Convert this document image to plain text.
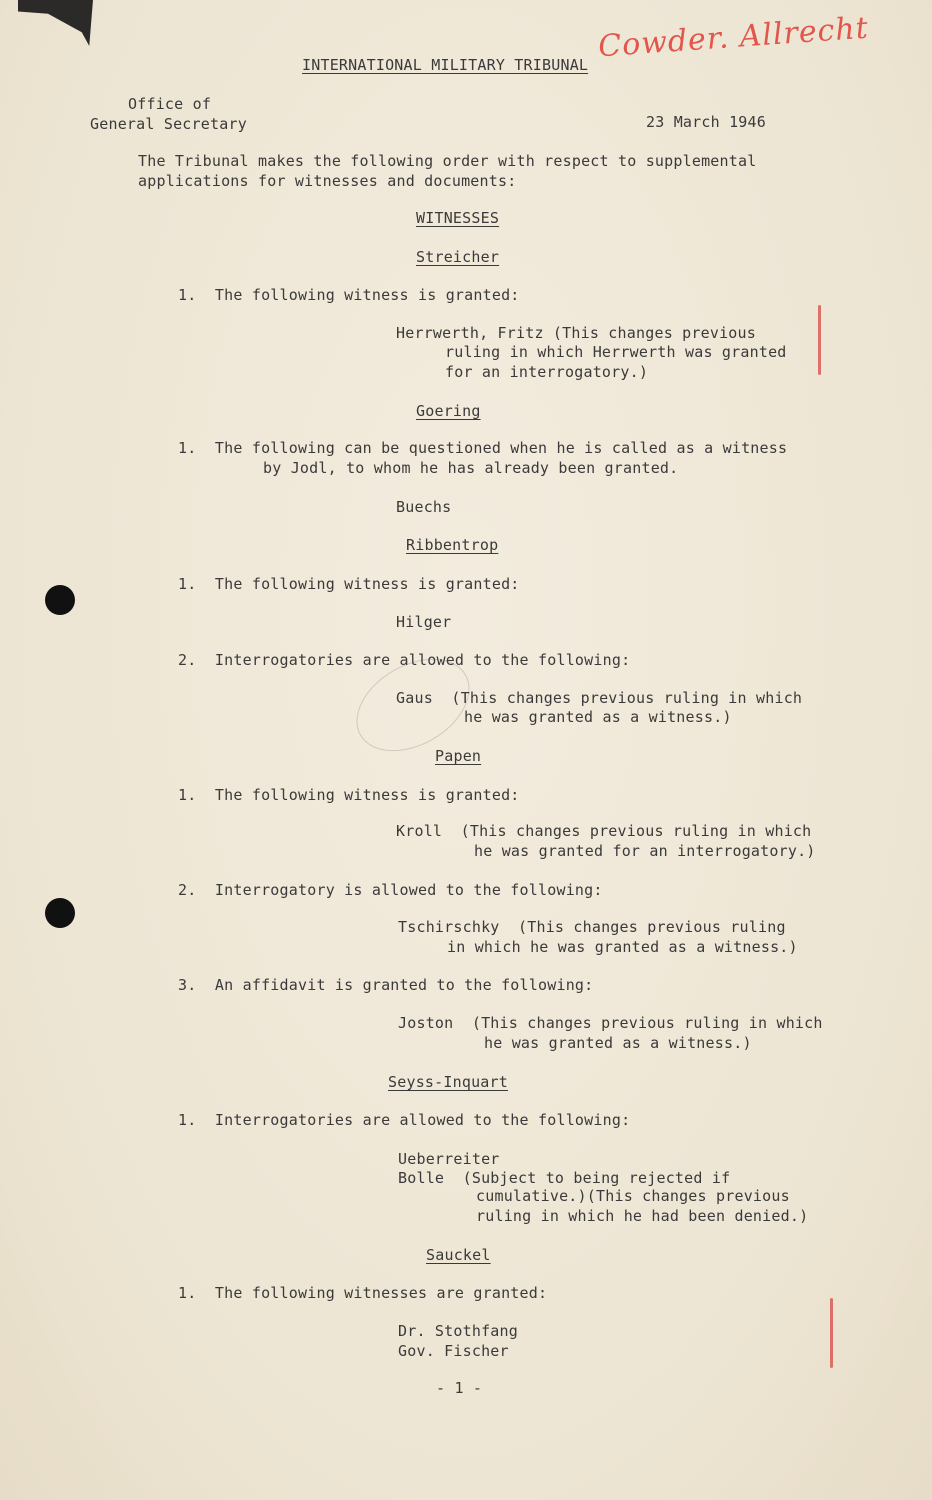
Cowder. Allrecht
INTERNATIONAL MILITARY TRIBUNAL
Office of
General Secretary	23 March 1946
The Tribunal makes the following order with respect to supplemental
applications for witnesses and documents:
WITNESSES
Streicher
1.  The following witness is granted:
Herrwerth, Fritz (This changes previous
ruling in which Herrwerth was granted
for an interrogatory.)
Goering
1.  The following can be questioned when he is called as a witness
by Jodl, to whom he has already been granted.
Buechs
Ribbentrop
1.  The following witness is granted:
Hilger
2.  Interrogatories are allowed to the following:
Gaus  (This changes previous ruling in which
he was granted as a witness.)
Papen
1.  The following witness is granted:
Kroll  (This changes previous ruling in which
he was granted for an interrogatory.)
2.  Interrogatory is allowed to the following:
Tschirschky  (This changes previous ruling
in which he was granted as a witness.)
3.  An affidavit is granted to the following:
Joston  (This changes previous ruling in which
he was granted as a witness.)
Seyss-Inquart
1.  Interrogatories are allowed to the following:
Ueberreiter
Bolle  (Subject to being rejected if
cumulative.)(This changes previous
ruling in which he had been denied.)
Sauckel
1.  The following witnesses are granted:
Dr. Stothfang
Gov. Fischer
- 1 -
